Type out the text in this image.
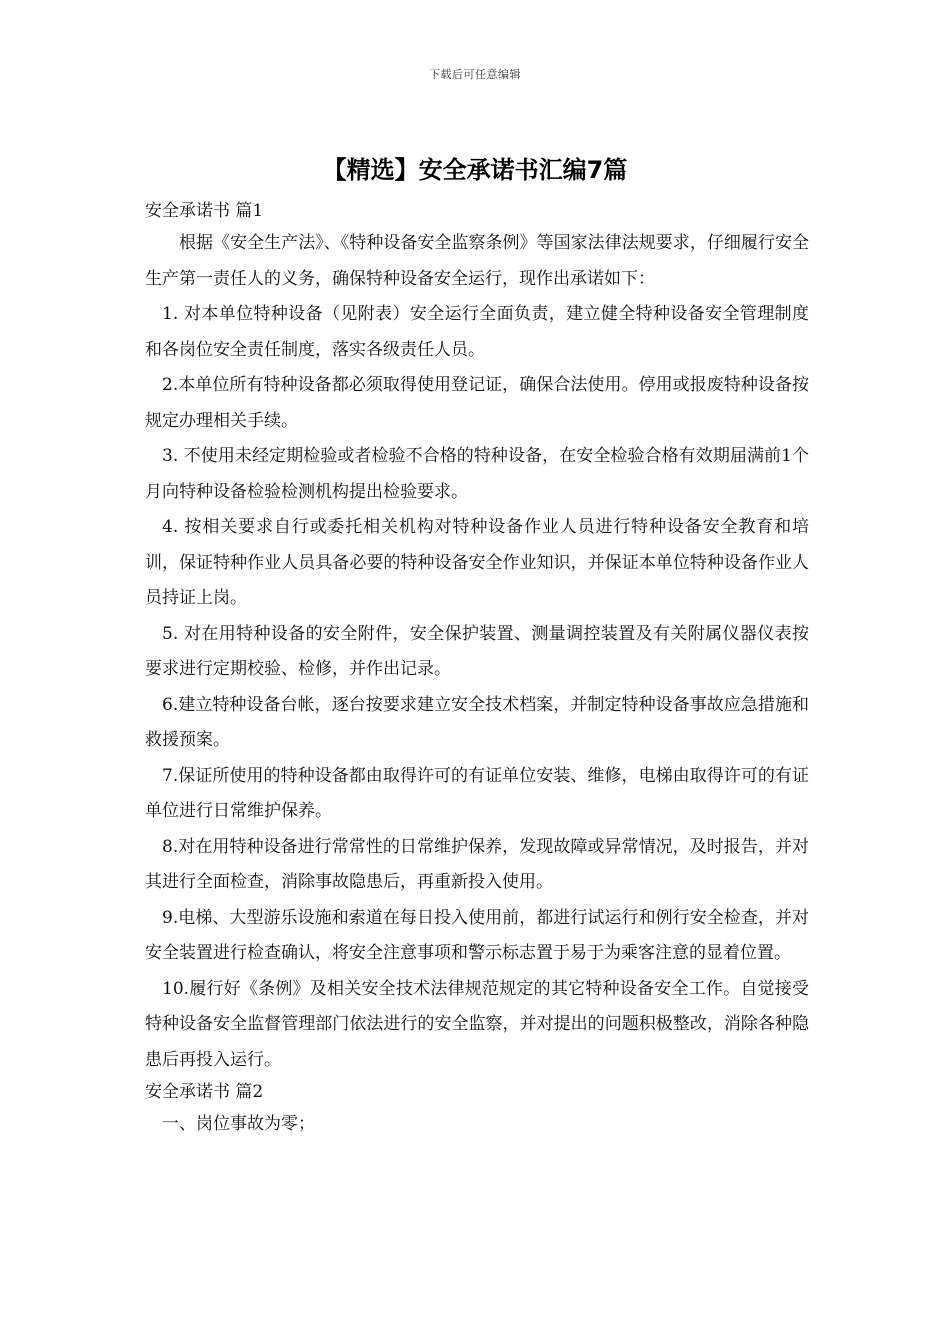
下载后可任意编辑
【精选】安全承诺书汇编7篇

安全承诺书 篇1

根据《安全生产法》、《特种设备安全监察条例》等国家法律法规要求，仔细履行安全生产第一责任人的义务，确保特种设备安全运行，现作出承诺如下：

1. 对本单位特种设备（见附表）安全运行全面负责，建立健全特种设备安全管理制度和各岗位安全责任制度，落实各级责任人员。

2.本单位所有特种设备都必须取得使用登记证，确保合法使用。停用或报废特种设备按规定办理相关手续。

3. 不使用未经定期检验或者检验不合格的特种设备，在安全检验合格有效期届满前1个月向特种设备检验检测机构提出检验要求。

4. 按相关要求自行或委托相关机构对特种设备作业人员进行特种设备安全教育和培训，保证特种作业人员具备必要的特种设备安全作业知识，并保证本单位特种设备作业人员持证上岗。

5. 对在用特种设备的安全附件，安全保护装置、测量调控装置及有关附属仪器仪表按要求进行定期校验、检修，并作出记录。

6.建立特种设备台帐，逐台按要求建立安全技术档案，并制定特种设备事故应急措施和救援预案。

7.保证所使用的特种设备都由取得许可的有证单位安装、维修，电梯由取得许可的有证单位进行日常维护保养。

8.对在用特种设备进行常常性的日常维护保养，发现故障或异常情况，及时报告，并对其进行全面检查，消除事故隐患后，再重新投入使用。

9.电梯、大型游乐设施和索道在每日投入使用前，都进行试运行和例行安全检查，并对安全装置进行检查确认，将安全注意事项和警示标志置于易于为乘客注意的显着位置。

10.履行好《条例》及相关安全技术法律规范规定的其它特种设备安全工作。自觉接受特种设备安全监督管理部门依法进行的安全监察，并对提出的问题积极整改，消除各种隐患后再投入运行。

安全承诺书 篇2

一、岗位事故为零；
